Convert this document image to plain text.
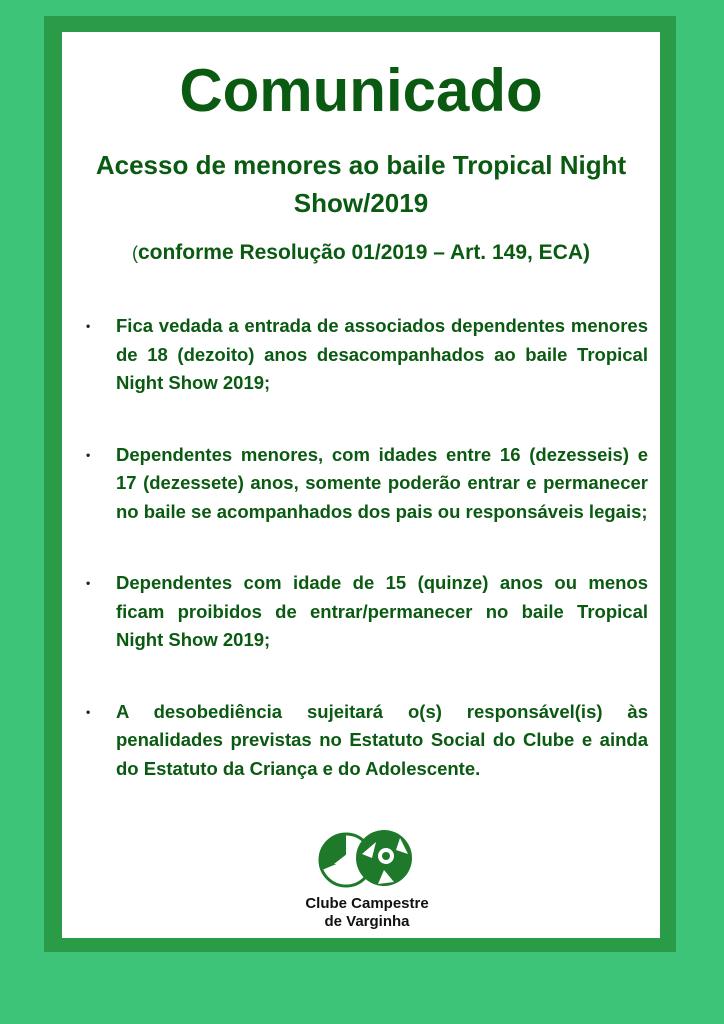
Comunicado
Acesso de menores ao baile Tropical Night Show/2019
(conforme Resolução 01/2019 – Art. 149, ECA)
• Fica vedada a entrada de associados dependentes menores de 18 (dezoito) anos desacompanhados ao baile Tropical Night Show 2019;
• Dependentes menores, com idades entre 16 (dezesseis) e 17 (dezessete) anos, somente poderão entrar e permanecer no baile se acompanhados dos pais ou responsáveis legais;
• Dependentes com idade de 15 (quinze) anos ou menos ficam proibidos de entrar/permanecer no baile Tropical Night Show 2019;
• A desobediência sujeitará o(s) responsável(is) às penalidades previstas no Estatuto Social do Clube e ainda do Estatuto da Criança e do Adolescente.
Clube Campestre
de Varginha
